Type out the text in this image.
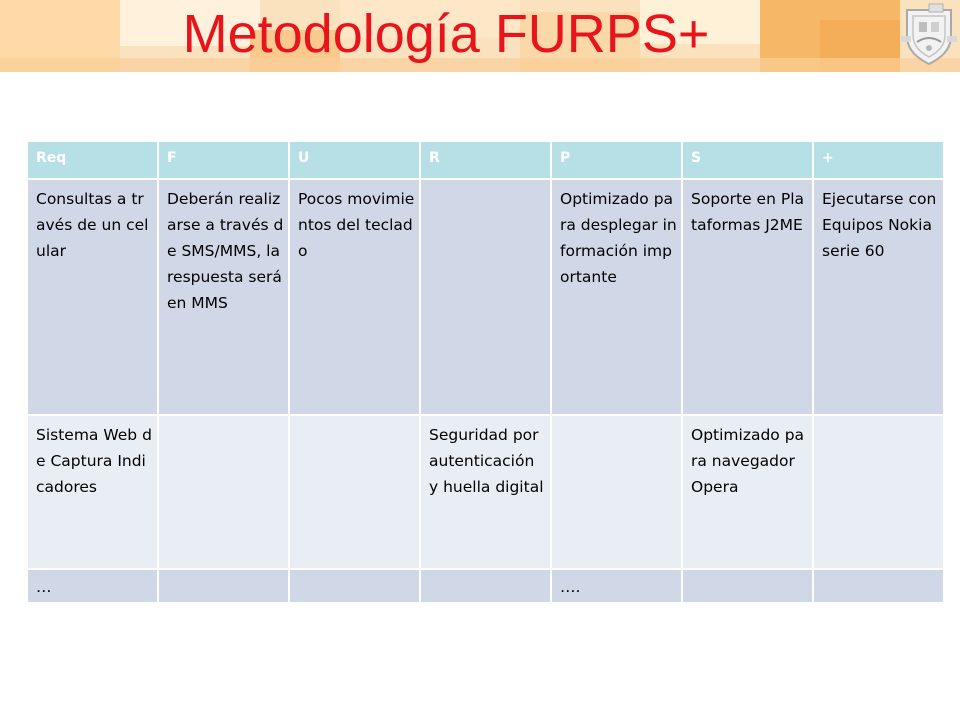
Metodología FURPS+
Req	F	U	R	P	S	+
Consultas a través de un celular	Deberán realizarse a través de SMS/MMS, la respuesta será en MMS	Pocos movimientos del teclado		Optimizado para desplegar información importante	Soporte en Plataformas J2ME	Ejecutarse con Equipos Nokia serie 60
Sistema Web de Captura Indicadores			Seguridad por autenticación y huella digital		Optimizado para navegador Opera	
…				….		
